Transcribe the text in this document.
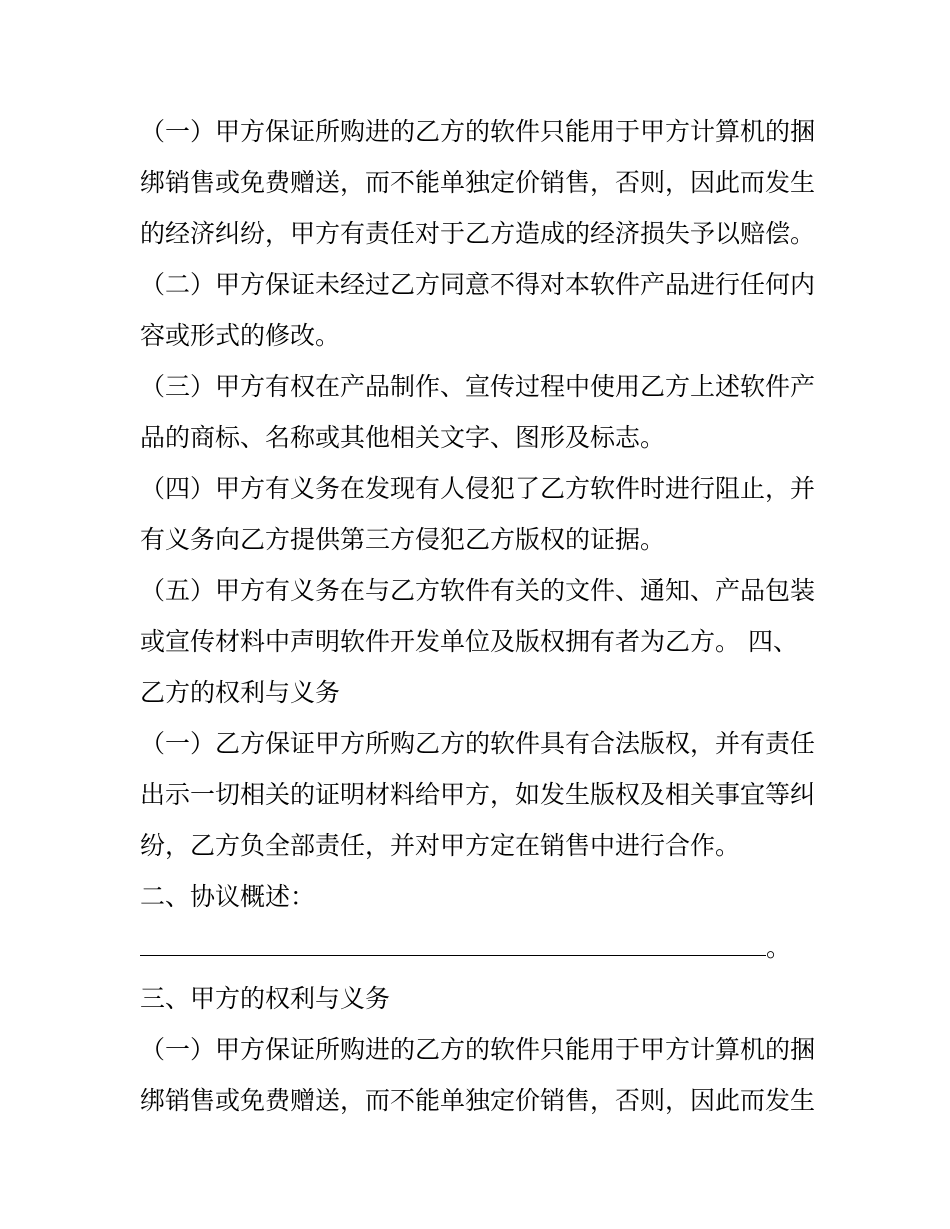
（一）甲方保证所购进的乙方的软件只能用于甲方计算机的捆
绑销售或免费赠送，而不能单独定价销售，否则，因此而发生
的经济纠纷，甲方有责任对于乙方造成的经济损失予以赔偿。
（二）甲方保证未经过乙方同意不得对本软件产品进行任何内
容或形式的修改。
（三）甲方有权在产品制作、宣传过程中使用乙方上述软件产
品的商标、名称或其他相关文字、图形及标志。
（四）甲方有义务在发现有人侵犯了乙方软件时进行阻止，并
有义务向乙方提供第三方侵犯乙方版权的证据。
（五）甲方有义务在与乙方软件有关的文件、通知、产品包装
或宣传材料中声明软件开发单位及版权拥有者为乙方。 四、
乙方的权利与义务
（一）乙方保证甲方所购乙方的软件具有合法版权，并有责任
出示一切相关的证明材料给甲方，如发生版权及相关事宜等纠
纷，乙方负全部责任，并对甲方定在销售中进行合作。
二、协议概述：
。
三、甲方的权利与义务
（一）甲方保证所购进的乙方的软件只能用于甲方计算机的捆
绑销售或免费赠送，而不能单独定价销售，否则，因此而发生
